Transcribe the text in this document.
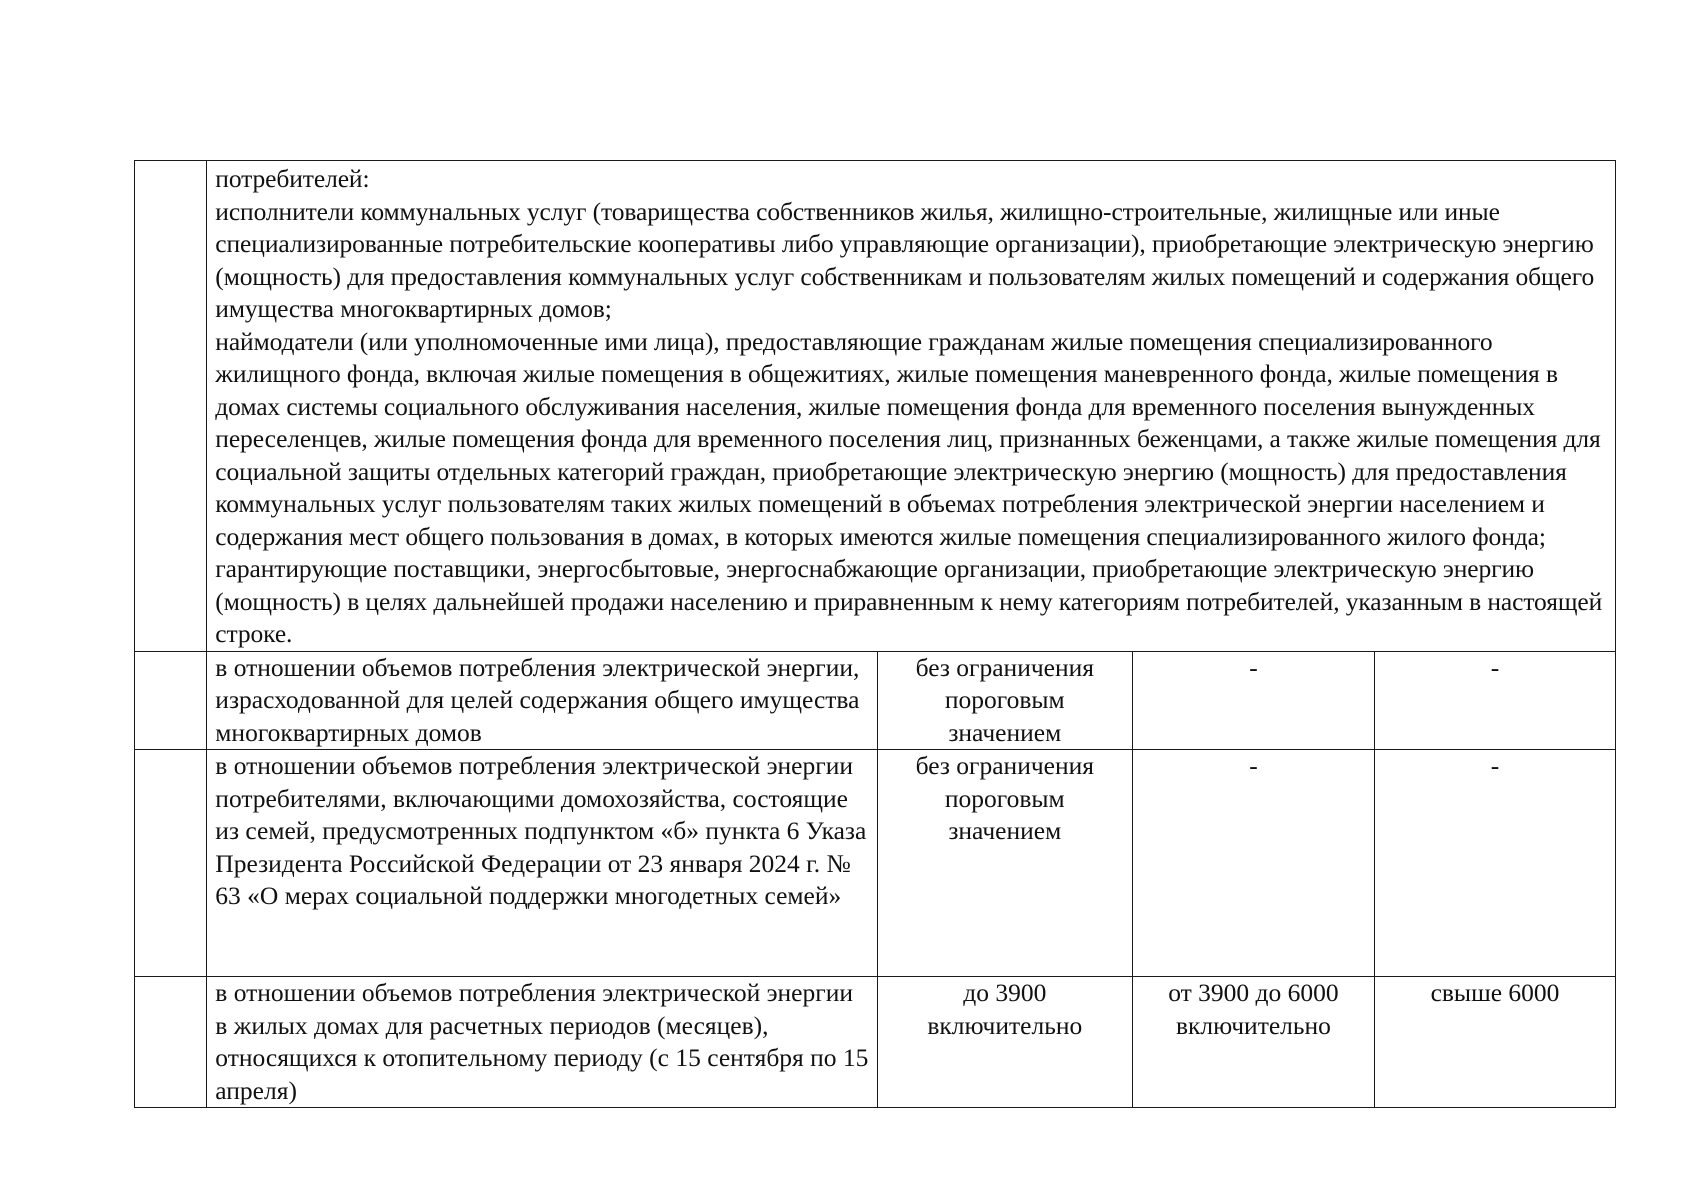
	потребителей:
исполнители коммунальных услуг (товарищества собственников жилья, жилищно-строительные, жилищные или иные специализированные потребительские кооперативы либо управляющие организации), приобретающие электрическую энергию (мощность) для предоставления коммунальных услуг собственникам и пользователям жилых помещений и содержания общего имущества многоквартирных домов;
наймодатели (или уполномоченные ими лица), предоставляющие гражданам жилые помещения специализированного жилищного фонда, включая жилые помещения в общежитиях, жилые помещения маневренного фонда, жилые помещения в домах системы социального обслуживания населения, жилые помещения фонда для временного поселения вынужденных переселенцев, жилые помещения фонда для временного поселения лиц, признанных беженцами, а также жилые помещения для социальной защиты отдельных категорий граждан, приобретающие электрическую энергию (мощность) для предоставления коммунальных услуг пользователям таких жилых помещений в объемах потребления электрической энергии населением и содержания мест общего пользования в домах, в которых имеются жилые помещения специализированного жилого фонда;
гарантирующие поставщики, энергосбытовые, энергоснабжающие организации, приобретающие электрическую энергию (мощность) в целях дальнейшей продажи населению и приравненным к нему категориям потребителей, указанным в настоящей строке.			

	в отношении объемов потребления электрической энергии, израсходованной для целей содержания общего имущества многоквартирных домов	без ограничения пороговым значением	-	-
	в отношении объемов потребления электрической энергии потребителями, включающими домохозяйства, состоящие из семей, предусмотренных подпунктом «б» пункта 6 Указа Президента Российской Федерации от 23 января 2024 г. № 63 «О мерах социальной поддержки многодетных семей»	без ограничения пороговым значением	-	-
	в отношении объемов потребления электрической энергии в жилых домах для расчетных периодов (месяцев), относящихся к отопительному периоду (с 15 сентября по 15 апреля)	до 3900 включительно	от 3900 до 6000 включительно	свыше 6000
